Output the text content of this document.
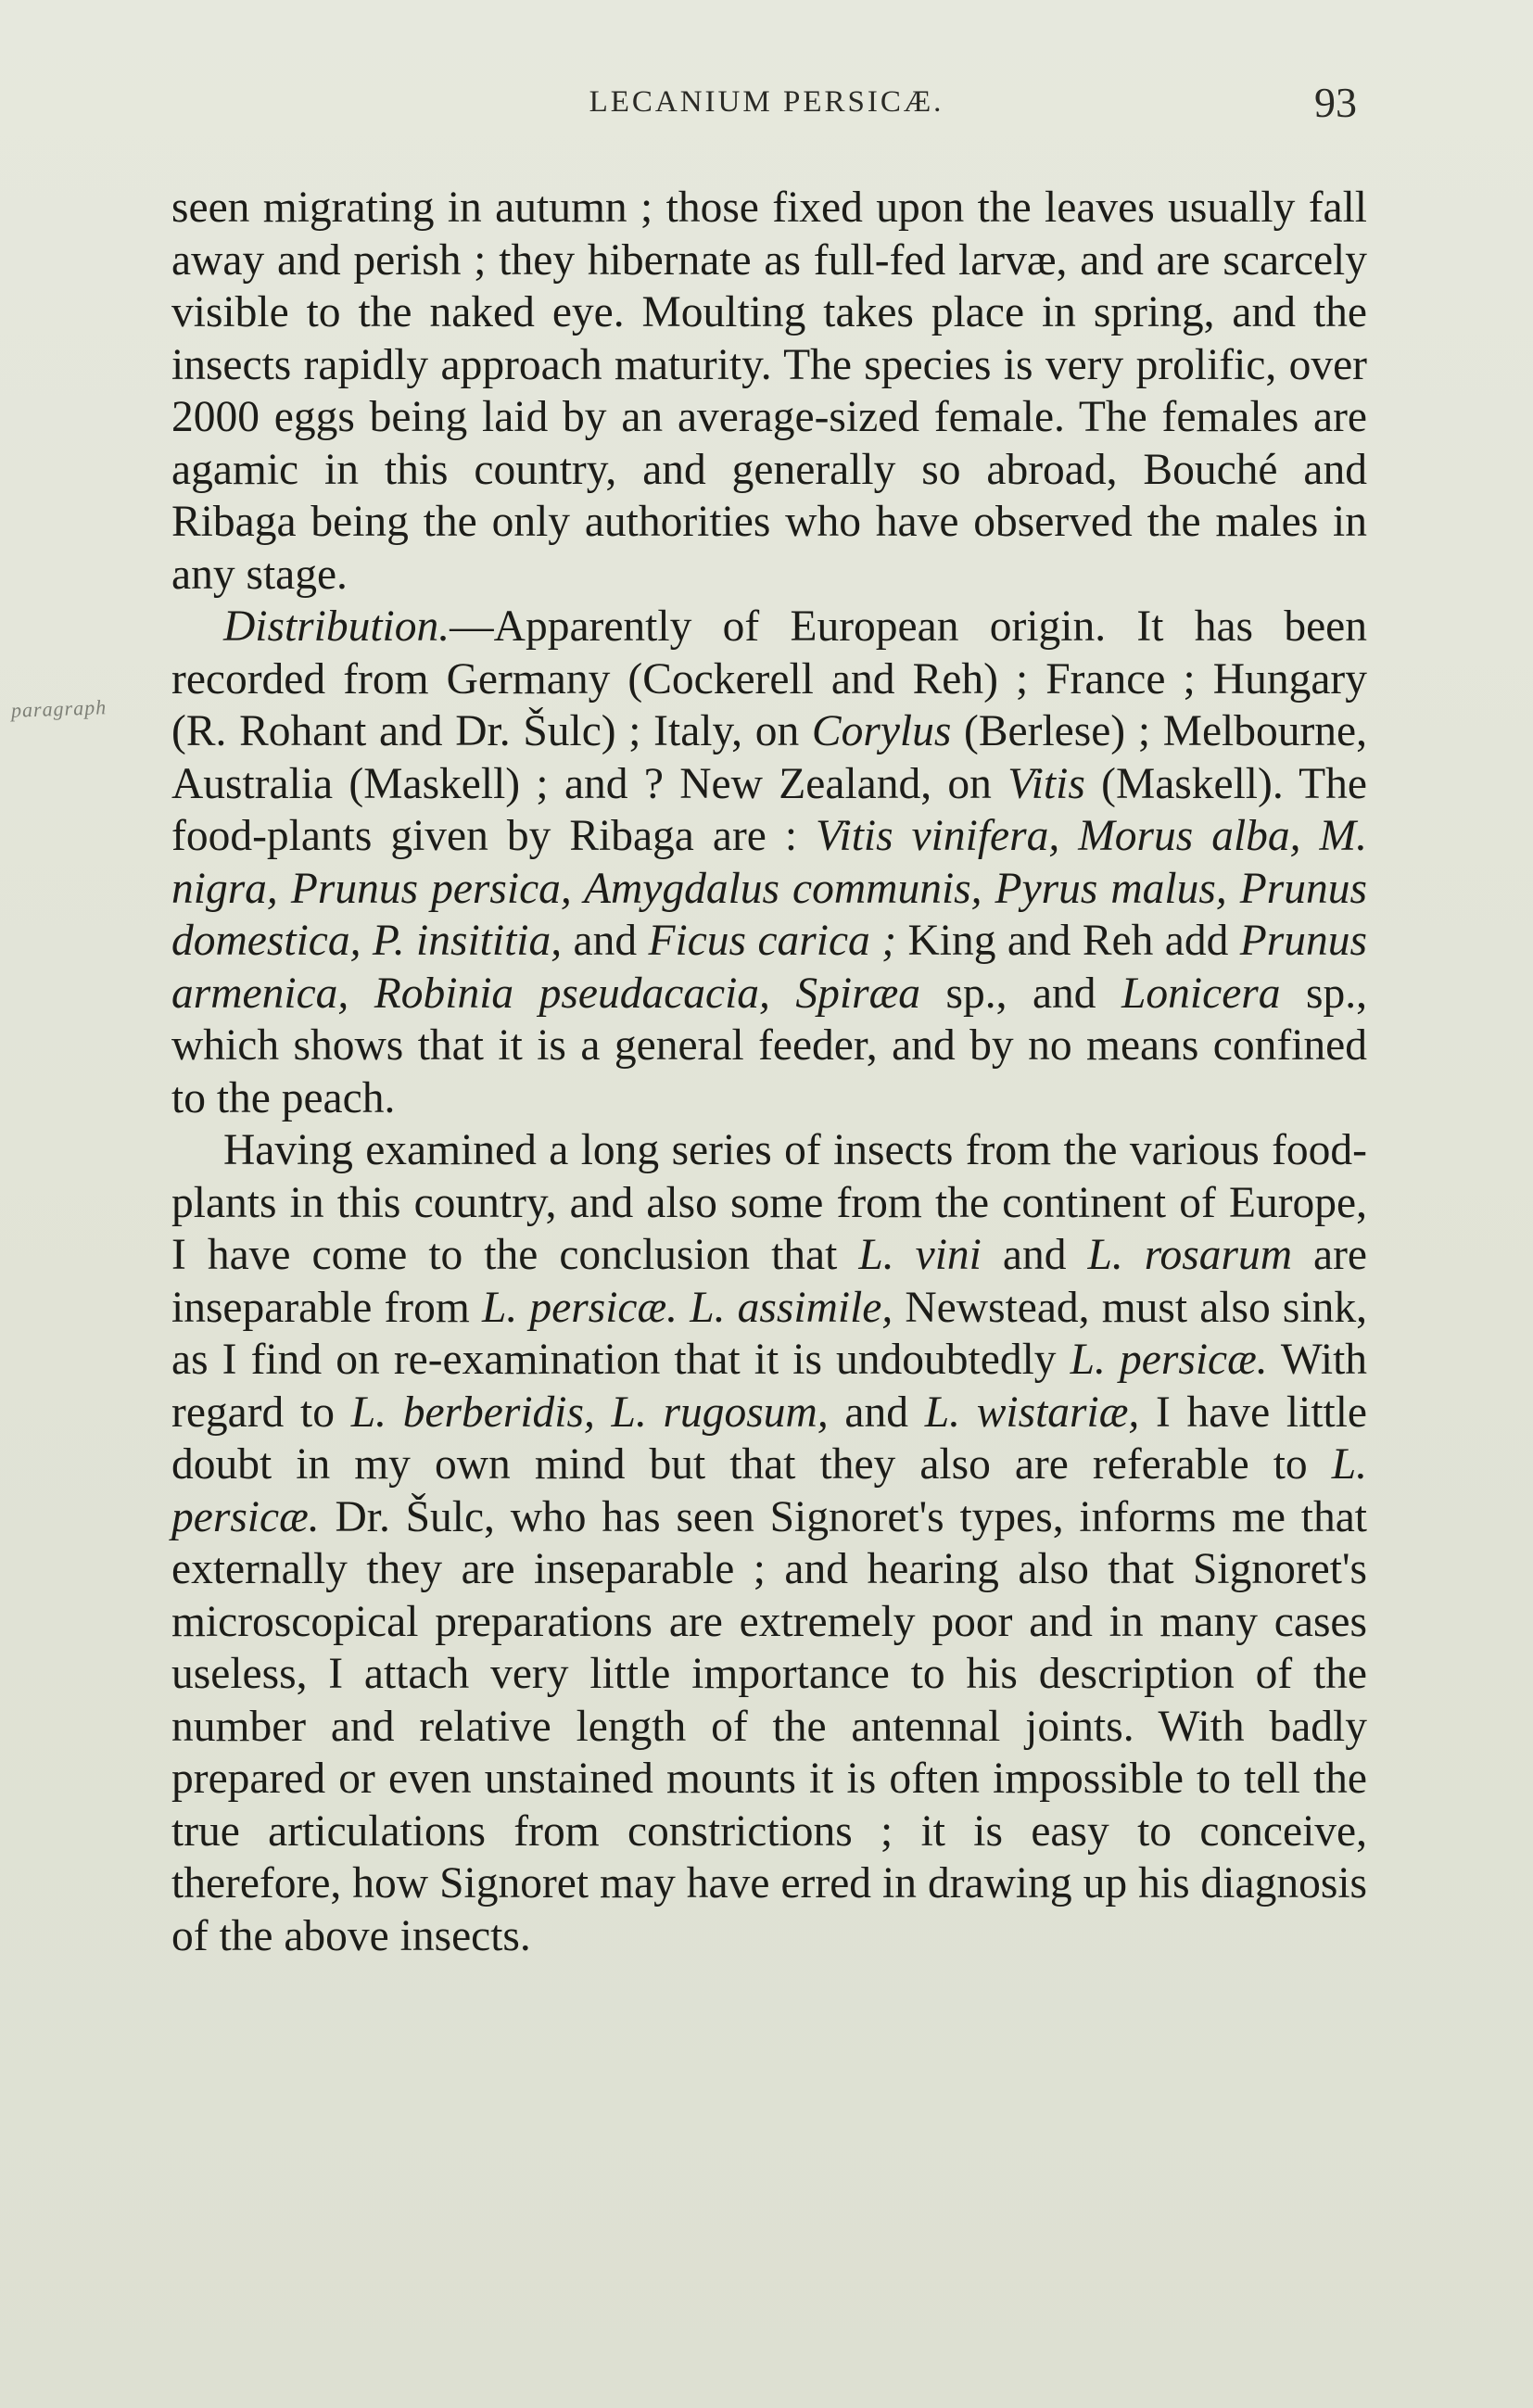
LECANIUM PERSICÆ.	93
paragraph

seen migrating in autumn ; those fixed upon the leaves usually fall away and perish ; they hibernate as full-fed larvæ, and are scarcely visible to the naked eye. Moulting takes place in spring, and the insects rapidly approach maturity. The species is very prolific, over 2000 eggs being laid by an average-sized female. The females are agamic in this country, and generally so abroad, Bouché and Ribaga being the only authorities who have observed the males in any stage.

Distribution.—Apparently of European origin. It has been recorded from Germany (Cockerell and Reh) ; France ; Hungary (R. Rohant and Dr. Šulc) ; Italy, on Corylus (Berlese) ; Melbourne, Australia (Maskell) ; and ? New Zealand, on Vitis (Maskell). The food-plants given by Ribaga are : Vitis vinifera, Morus alba, M. nigra, Prunus persica, Amygdalus communis, Pyrus malus, Prunus domestica, P. insititia, and Ficus carica ; King and Reh add Prunus armenica, Robinia pseudacacia, Spiræa sp., and Lonicera sp., which shows that it is a general feeder, and by no means confined to the peach.

Having examined a long series of insects from the various food-plants in this country, and also some from the continent of Europe, I have come to the conclusion that L. vini and L. rosarum are inseparable from L. persicæ. L. assimile, Newstead, must also sink, as I find on re-examination that it is undoubtedly L. persicæ. With regard to L. berberidis, L. rugosum, and L. wistariæ, I have little doubt in my own mind but that they also are referable to L. persicæ. Dr. Šulc, who has seen Signoret's types, informs me that externally they are inseparable ; and hearing also that Signoret's microscopical preparations are extremely poor and in many cases useless, I attach very little importance to his description of the number and relative length of the antennal joints. With badly prepared or even unstained mounts it is often impossible to tell the true articulations from constrictions ; it is easy to conceive, therefore, how Signoret may have erred in drawing up his diagnosis of the above insects.
